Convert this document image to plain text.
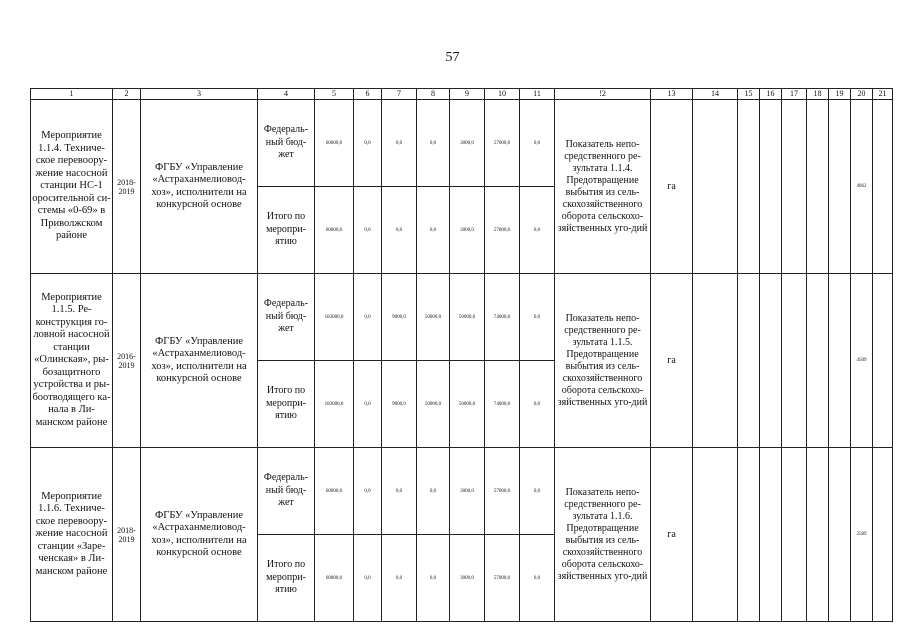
57
1	2	3	4	5	6	7	8	9	10	11	!2	13	14	15	16	17	18	19	20	21
Мероприятие 1.1.4. Техниче-ское перевоору-жение насосной станции НС-1 оросительной си-стемы «0-69» в Приволжском районе	2018-2019	ФГБУ «Управление «Астраханмелиовод-хоз», исполнители на конкурсной основе	Федераль-ный бюд-жет	60000,0	0,0	0,0	0,0	3000,0	57000,0	0,0	Показатель непо-средственного ре-зультата 1.1.4. Предотвращение выбытия из сель-скохозяйственного оборота сельскохо-зяйственных уго-дий	га							4062	
			Итого по меропри-ятию	60000,0	0,0	0,0	0,0	3000,0	57000,0	0,0										
Мероприятие 1.1.5. Ре-конструкция го-ловной насосной станции «Олинская», ры-бозащитного устройства и ры-боотводящего ка-нала в Ли-манском районе	2016-2019	ФГБУ «Управление «Астраханмелиовод-хоз», исполнители на конкурсной основе	Федераль-ный бюд-жет	183000,0	0,0	9000,0	50000,0	50000,0	74000,0	0,0	Показатель непо-средственного ре-зультата 1.1.5. Предотвращение выбытия из сель-скохозяйственного оборота сельскохо-зяйственных уго-дий	га							4509	
			Итого по меропри-ятию	183000,0	0,0	9000,0	50000,0	50000,0	74000,0	0,0										
Мероприятие 1.1.6. Техниче-ское перевоору-жение насосной станции «Заре-ченская» в Ли-манском районе	2018-2019	ФГБУ «Управление «Астраханмелиовод-хоз», исполнители на конкурсной основе	Федераль-ный бюд-жет	60000,0	0,0	0,0	0,0	3000,0	57000,0	0,0	Показатель непо-средственного ре-зультата 1.1.6. Предотвращение выбытия из сель-скохозяйственного оборота сельскохо-зяйственных уго-дий	га							2589	
			Итого по меропри-ятию	60000,0	0,0	0,0	0,0	3000,0	57000,0	0,0										
